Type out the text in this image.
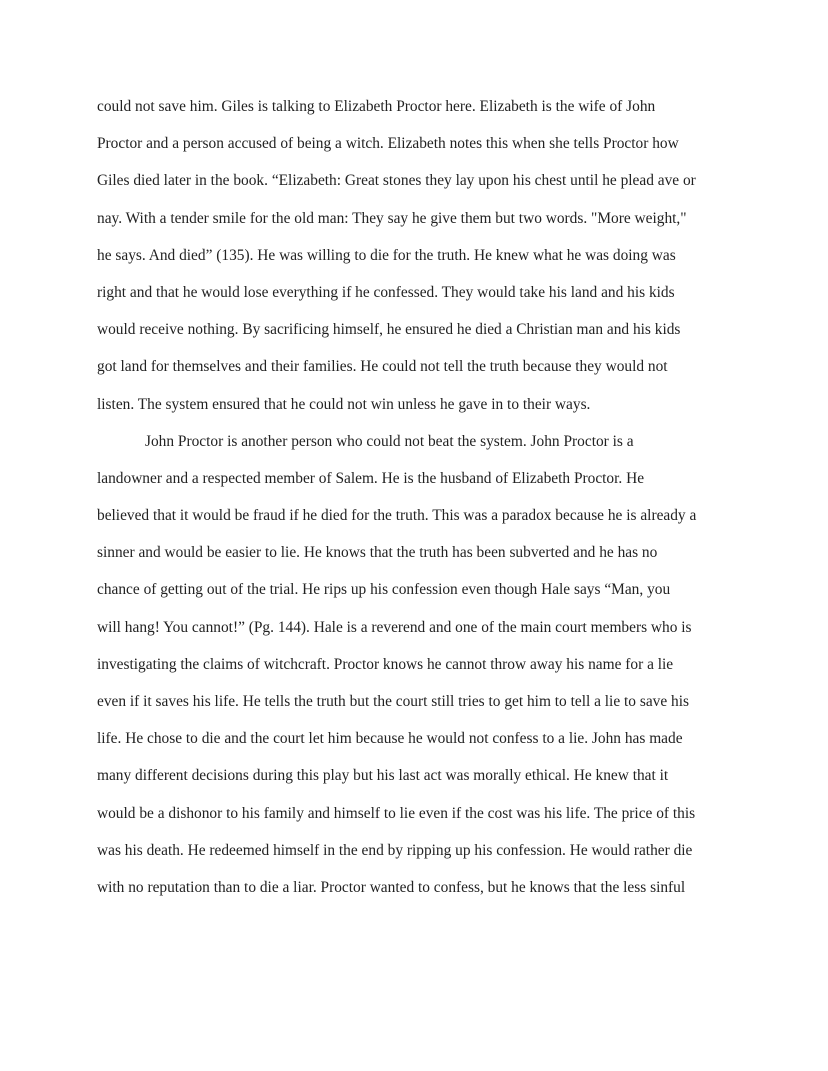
could not save him. Giles is talking to Elizabeth Proctor here. Elizabeth is the wife of John
Proctor and a person accused of being a witch. Elizabeth notes this when she tells Proctor how
Giles died later in the book. “Elizabeth: Great stones they lay upon his chest until he plead ave or
nay. With a tender smile for the old man: They say he give them but two words. "More weight,"
he says. And died” (135). He was willing to die for the truth. He knew what he was doing was
right and that he would lose everything if he confessed. They would take his land and his kids
would receive nothing. By sacrificing himself, he ensured he died a Christian man and his kids
got land for themselves and their families. He could not tell the truth because they would not
listen. The system ensured that he could not win unless he gave in to their ways.
John Proctor is another person who could not beat the system. John Proctor is a
landowner and a respected member of Salem. He is the husband of Elizabeth Proctor. He
believed that it would be fraud if he died for the truth. This was a paradox because he is already a
sinner and would be easier to lie. He knows that the truth has been subverted and he has no
chance of getting out of the trial. He rips up his confession even though Hale says “Man, you
will hang! You cannot!” (Pg. 144). Hale is a reverend and one of the main court members who is
investigating the claims of witchcraft. Proctor knows he cannot throw away his name for a lie
even if it saves his life. He tells the truth but the court still tries to get him to tell a lie to save his
life. He chose to die and the court let him because he would not confess to a lie. John has made
many different decisions during this play but his last act was morally ethical. He knew that it
would be a dishonor to his family and himself to lie even if the cost was his life. The price of this
was his death. He redeemed himself in the end by ripping up his confession. He would rather die
with no reputation than to die a liar. Proctor wanted to confess, but he knows that the less sinful
